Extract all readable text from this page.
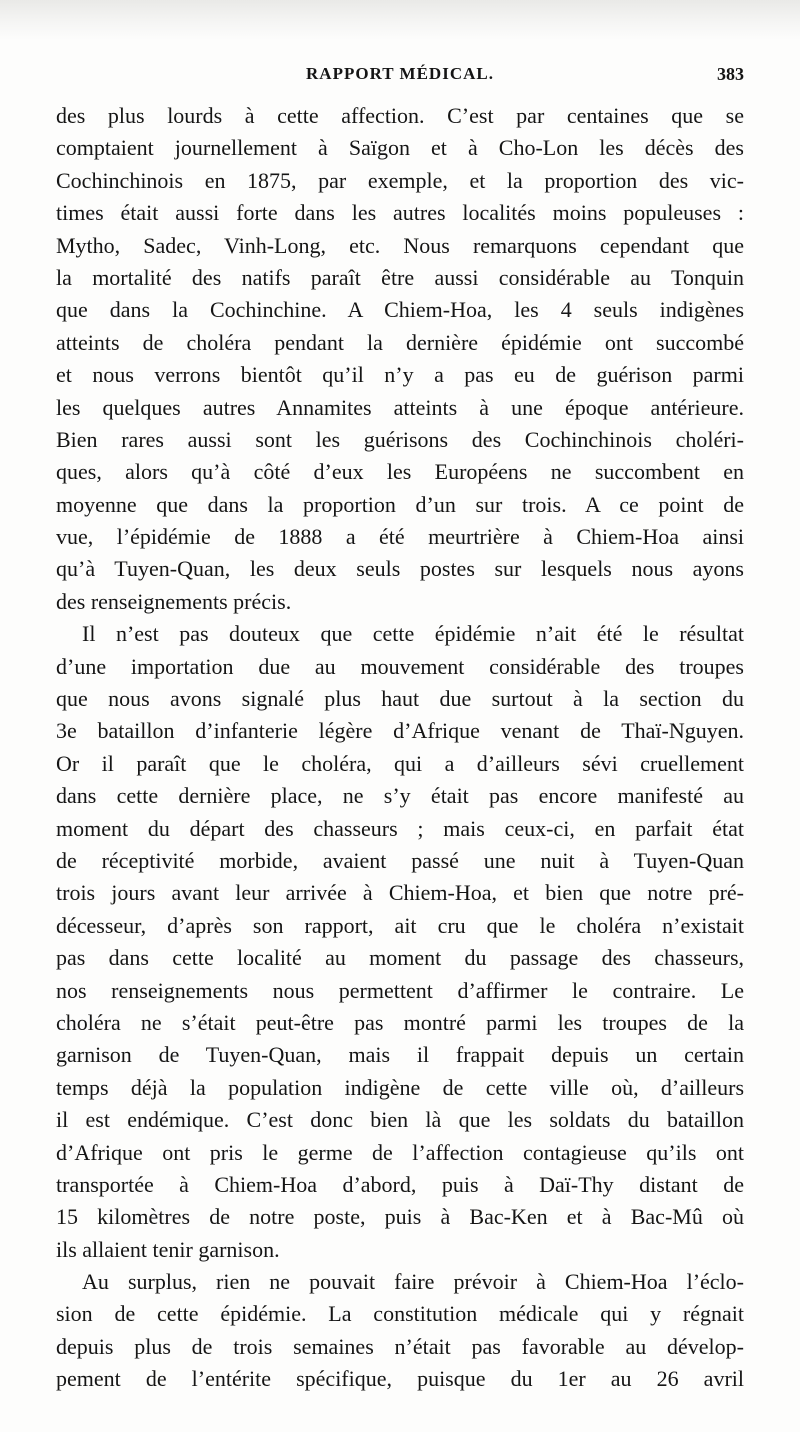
RAPPORT MÉDICAL.	383
des plus lourds à cette affection. C’est par centaines que se
comptaient journellement à Saïgon et à Cho-Lon les décès des
Cochinchinois en 1875, par exemple, et la proportion des vic-
times était aussi forte dans les autres localités moins populeuses :
Mytho, Sadec, Vinh-Long, etc. Nous remarquons cependant que
la mortalité des natifs paraît être aussi considérable au Tonquin
que dans la Cochinchine. A Chiem-Hoa, les 4 seuls indigènes
atteints de choléra pendant la dernière épidémie ont succombé
et nous verrons bientôt qu’il n’y a pas eu de guérison parmi
les quelques autres Annamites atteints à une époque antérieure.
Bien rares aussi sont les guérisons des Cochinchinois choléri-
ques, alors qu’à côté d’eux les Européens ne succombent en
moyenne que dans la proportion d’un sur trois. A ce point de
vue, l’épidémie de 1888 a été meurtrière à Chiem-Hoa ainsi
qu’à Tuyen-Quan, les deux seuls postes sur lesquels nous ayons
des renseignements précis.
Il n’est pas douteux que cette épidémie n’ait été le résultat
d’une importation due au mouvement considérable des troupes
que nous avons signalé plus haut due surtout à la section du
3e bataillon d’infanterie légère d’Afrique venant de Thaï-Nguyen.
Or il paraît que le choléra, qui a d’ailleurs sévi cruellement
dans cette dernière place, ne s’y était pas encore manifesté au
moment du départ des chasseurs ; mais ceux-ci, en parfait état
de réceptivité morbide, avaient passé une nuit à Tuyen-Quan
trois jours avant leur arrivée à Chiem-Hoa, et bien que notre pré-
décesseur, d’après son rapport, ait cru que le choléra n’existait
pas dans cette localité au moment du passage des chasseurs,
nos renseignements nous permettent d’affirmer le contraire. Le
choléra ne s’était peut-être pas montré parmi les troupes de la
garnison de Tuyen-Quan, mais il frappait depuis un certain
temps déjà la population indigène de cette ville où, d’ailleurs
il est endémique. C’est donc bien là que les soldats du bataillon
d’Afrique ont pris le germe de l’affection contagieuse qu’ils ont
transportée à Chiem-Hoa d’abord, puis à Daï-Thy distant de
15 kilomètres de notre poste, puis à Bac-Ken et à Bac-Mû où
ils allaient tenir garnison.
Au surplus, rien ne pouvait faire prévoir à Chiem-Hoa l’éclo-
sion de cette épidémie. La constitution médicale qui y régnait
depuis plus de trois semaines n’était pas favorable au dévelop-
pement de l’entérite spécifique, puisque du 1er au 26 avril
